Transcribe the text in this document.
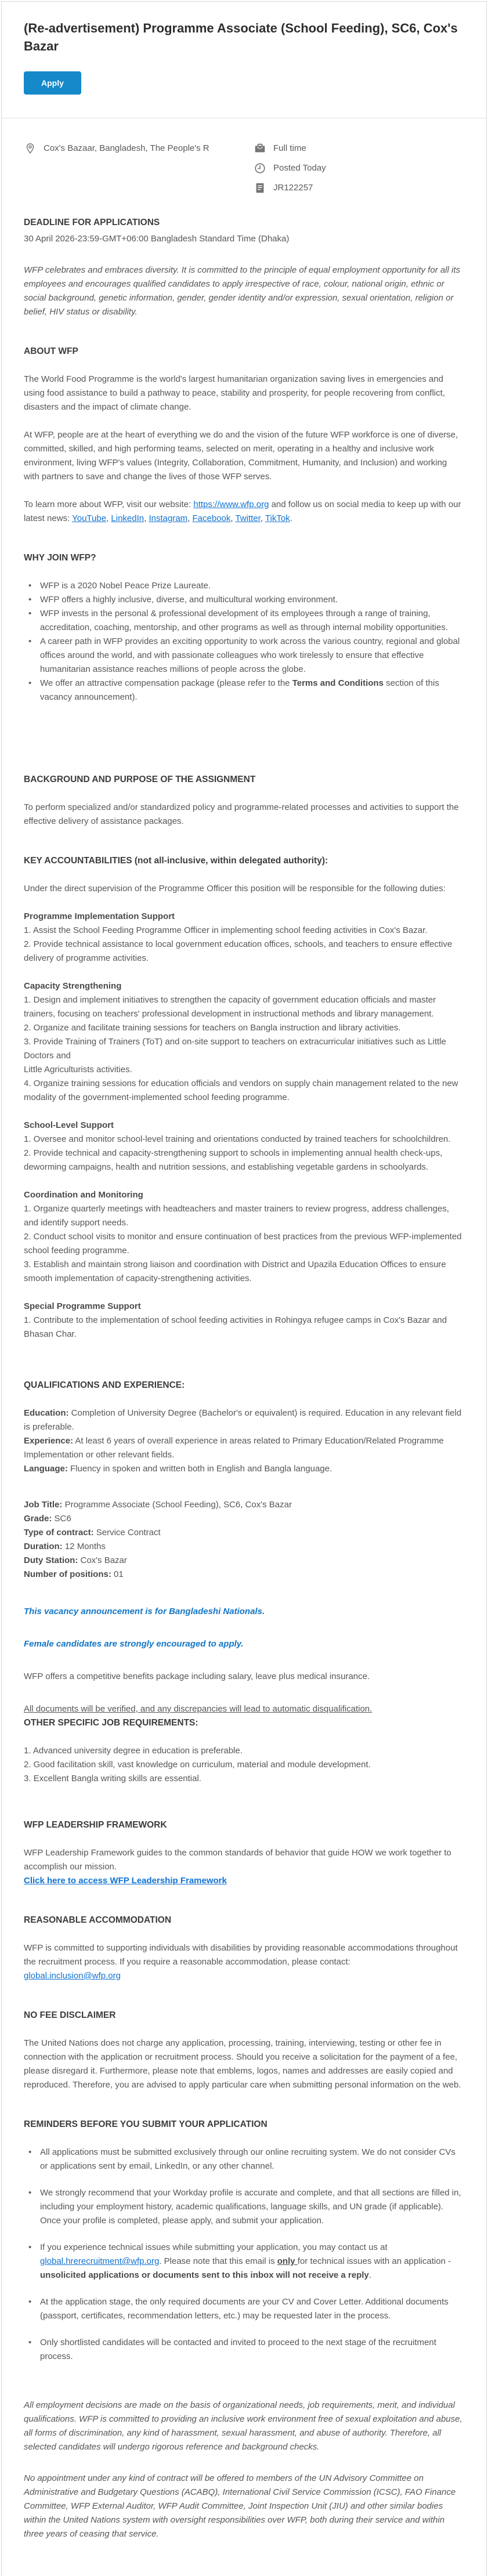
(Re-advertisement) Programme Associate (School Feeding), SC6, Cox's Bazar
Apply
Cox's Bazaar, Bangladesh, The People's R	Full time
Posted Today
JR122257
DEADLINE FOR APPLICATIONS

30 April 2026-23:59-GMT+06:00 Bangladesh Standard Time (Dhaka)

WFP celebrates and embraces diversity. It is committed to the principle of equal employment opportunity for all its employees and encourages qualified candidates to apply irrespective of race, colour, national origin, ethnic or social background, genetic information, gender, gender identity and/or expression, sexual orientation, religion or belief, HIV status or disability.

ABOUT WFP

The World Food Programme is the world's largest humanitarian organization saving lives in emergencies and using food assistance to build a pathway to peace, stability and prosperity, for people recovering from conflict, disasters and the impact of climate change.

At WFP, people are at the heart of everything we do and the vision of the future WFP workforce is one of diverse, committed, skilled, and high performing teams, selected on merit, operating in a healthy and inclusive work environment, living WFP's values (Integrity, Collaboration, Commitment, Humanity, and Inclusion) and working with partners to save and change the lives of those WFP serves.

To learn more about WFP, visit our website: https://www.wfp.org and follow us on social media to keep up with our latest news: YouTube, LinkedIn, Instagram, Facebook, Twitter, TikTok.

WHY JOIN WFP?
• WFP is a 2020 Nobel Peace Prize Laureate.
• WFP offers a highly inclusive, diverse, and multicultural working environment.
• WFP invests in the personal & professional development of its employees through a range of training, accreditation, coaching, mentorship, and other programs as well as through internal mobility opportunities.
• A career path in WFP provides an exciting opportunity to work across the various country, regional and global offices around the world, and with passionate colleagues who work tirelessly to ensure that effective humanitarian assistance reaches millions of people across the globe.
• We offer an attractive compensation package (please refer to the Terms and Conditions section of this vacancy announcement).
BACKGROUND AND PURPOSE OF THE ASSIGNMENT

To perform specialized and/or standardized policy and programme-related processes and activities to support the effective delivery of assistance packages.

KEY ACCOUNTABILITIES (not all-inclusive, within delegated authority):

Under the direct supervision of the Programme Officer this position will be responsible for the following duties:

Programme Implementation Support
1. Assist the School Feeding Programme Officer in implementing school feeding activities in Cox's Bazar.
2. Provide technical assistance to local government education offices, schools, and teachers to ensure effective delivery of programme activities.
Capacity Strengthening
1. Design and implement initiatives to strengthen the capacity of government education officials and master trainers, focusing on teachers' professional development in instructional methods and library management.
2. Organize and facilitate training sessions for teachers on Bangla instruction and library activities.
3. Provide Training of Trainers (ToT) and on-site support to teachers on extracurricular initiatives such as Little Doctors and
Little Agriculturists activities.
4. Organize training sessions for education officials and vendors on supply chain management related to the new modality of the government-implemented school feeding programme.
School-Level Support
1. Oversee and monitor school-level training and orientations conducted by trained teachers for schoolchildren.
2. Provide technical and capacity-strengthening support to schools in implementing annual health check-ups, deworming campaigns, health and nutrition sessions, and establishing vegetable gardens in schoolyards.
Coordination and Monitoring
1. Organize quarterly meetings with headteachers and master trainers to review progress, address challenges, and identify support needs.
2. Conduct school visits to monitor and ensure continuation of best practices from the previous WFP-implemented school feeding programme.
3. Establish and maintain strong liaison and coordination with District and Upazila Education Offices to ensure smooth implementation of capacity-strengthening activities.
Special Programme Support
1. Contribute to the implementation of school feeding activities in Rohingya refugee camps in Cox's Bazar and Bhasan Char.
QUALIFICATIONS AND EXPERIENCE:
Education: Completion of University Degree (Bachelor's or equivalent) is required. Education in any relevant field is preferable.
Experience: At least 6 years of overall experience in areas related to Primary Education/Related Programme Implementation or other relevant fields.
Language: Fluency in spoken and written both in English and Bangla language.
Job Title: Programme Associate (School Feeding), SC6, Cox's Bazar
Grade: SC6
Type of contract: Service Contract
Duration: 12 Months
Duty Station: Cox's Bazar
Number of positions: 01

This vacancy announcement is for Bangladeshi Nationals.

Female candidates are strongly encouraged to apply.

WFP offers a competitive benefits package including salary, leave plus medical insurance.

All documents will be verified, and any discrepancies will lead to automatic disqualification.

OTHER SPECIFIC JOB REQUIREMENTS:
1. Advanced university degree in education is preferable.
2. Good facilitation skill, vast knowledge on curriculum, material and module development.
3. Excellent Bangla writing skills are essential.
WFP LEADERSHIP FRAMEWORK

WFP Leadership Framework guides to the common standards of behavior that guide HOW we work together to accomplish our mission.

Click here to access WFP Leadership Framework

REASONABLE ACCOMMODATION

WFP is committed to supporting individuals with disabilities by providing reasonable accommodations throughout the recruitment process. If you require a reasonable accommodation, please contact:

global.inclusion@wfp.org

NO FEE DISCLAIMER

The United Nations does not charge any application, processing, training, interviewing, testing or other fee in connection with the application or recruitment process. Should you receive a solicitation for the payment of a fee, please disregard it. Furthermore, please note that emblems, logos, names and addresses are easily copied and reproduced. Therefore, you are advised to apply particular care when submitting personal information on the web.

REMINDERS BEFORE YOU SUBMIT YOUR APPLICATION
• All applications must be submitted exclusively through our online recruiting system. We do not consider CVs or applications sent by email, LinkedIn, or any other channel.
• We strongly recommend that your Workday profile is accurate and complete, and that all sections are filled in, including your employment history, academic qualifications, language skills, and UN grade (if applicable). Once your profile is completed, please apply, and submit your application.
• If you experience technical issues while submitting your application, you may contact us at global.hrerecruitment@wfp.org. Please note that this email is only for technical issues with an application - unsolicited applications or documents sent to this inbox will not receive a reply.
• At the application stage, the only required documents are your CV and Cover Letter. Additional documents (passport, certificates, recommendation letters, etc.) may be requested later in the process.
• Only shortlisted candidates will be contacted and invited to proceed to the next stage of the recruitment process.

All employment decisions are made on the basis of organizational needs, job requirements, merit, and individual qualifications. WFP is committed to providing an inclusive work environment free of sexual exploitation and abuse, all forms of discrimination, any kind of harassment, sexual harassment, and abuse of authority. Therefore, all selected candidates will undergo rigorous reference and background checks.

No appointment under any kind of contract will be offered to members of the UN Advisory Committee on Administrative and Budgetary Questions (ACABQ), International Civil Service Commission (ICSC), FAO Finance Committee, WFP External Auditor, WFP Audit Committee, Joint Inspection Unit (JIU) and other similar bodies within the United Nations system with oversight responsibilities over WFP, both during their service and within three years of ceasing that service.
